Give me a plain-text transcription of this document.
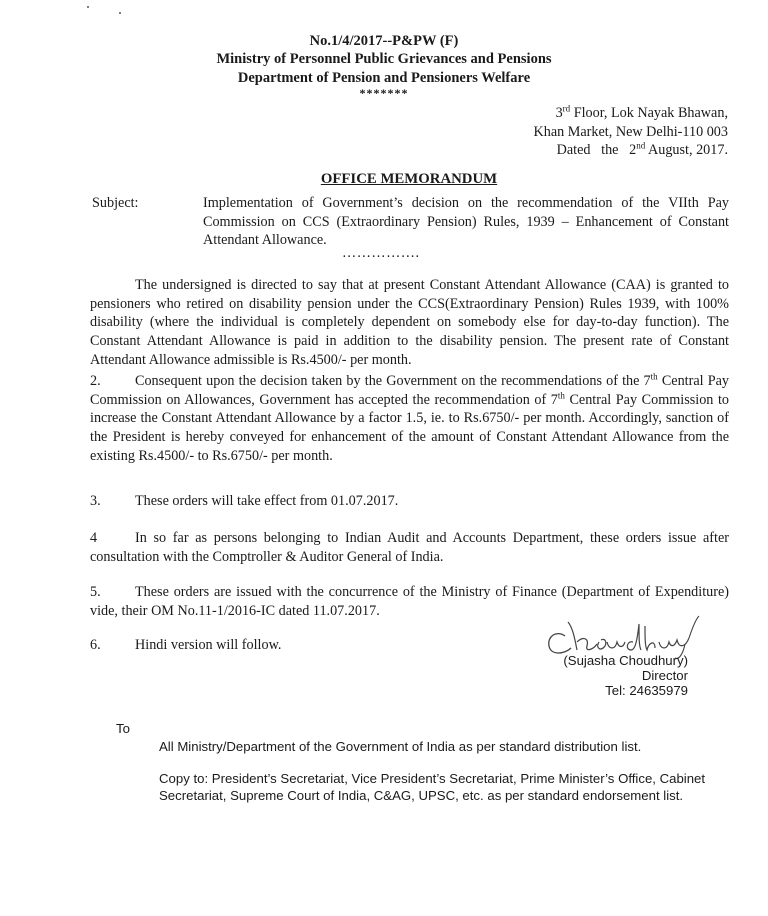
No.1/4/2017--P&PW (F)
Ministry of Personnel Public Grievances and Pensions
Department of Pension and Pensioners Welfare
*******
3rd Floor, Lok Nayak Bhawan,
Khan Market, New Delhi-110 003
Dated   the   2nd August, 2017.
OFFICE MEMORANDUM
Subject:	Implementation of Government’s decision on the recommendation of the VIIth Pay Commission on CCS (Extraordinary Pension) Rules, 1939 – Enhancement of Constant Attendant Allowance.
…………….
The undersigned is directed to say that at present Constant Attendant Allowance (CAA) is granted to pensioners who retired on disability pension under the CCS(Extraordinary Pension) Rules 1939, with 100% disability (where the individual is completely dependent on somebody else for day-to-day function). The Constant Attendant Allowance is paid in addition to the disability pension. The present rate of Constant Attendant Allowance admissible is Rs.4500/- per month.
2. Consequent upon the decision taken by the Government on the recommendations of the 7th Central Pay Commission on Allowances, Government has accepted the recommendation of 7th Central Pay Commission to increase the Constant Attendant Allowance by a factor 1.5, ie. to Rs.6750/- per month. Accordingly, sanction of the President is hereby conveyed for enhancement of the amount of Constant Attendant Allowance from the existing Rs.4500/- to Rs.6750/- per month.
3. These orders will take effect from 01.07.2017.
4	In so far as persons belonging to Indian Audit and Accounts Department, these orders issue after consultation with the Comptroller & Auditor General of India.
5. These orders are issued with the concurrence of the Ministry of Finance (Department of Expenditure) vide, their OM No.11-1/2016-IC dated 11.07.2017.
6. Hindi version will follow.
(Sujasha Choudhury)
Director
Tel: 24635979
To
All Ministry/Department of the Government of India as per standard distribution list.
Copy to: President’s Secretariat, Vice President’s Secretariat, Prime Minister’s Office, Cabinet Secretariat, Supreme Court of India, C&AG, UPSC, etc. as per standard endorsement list.
